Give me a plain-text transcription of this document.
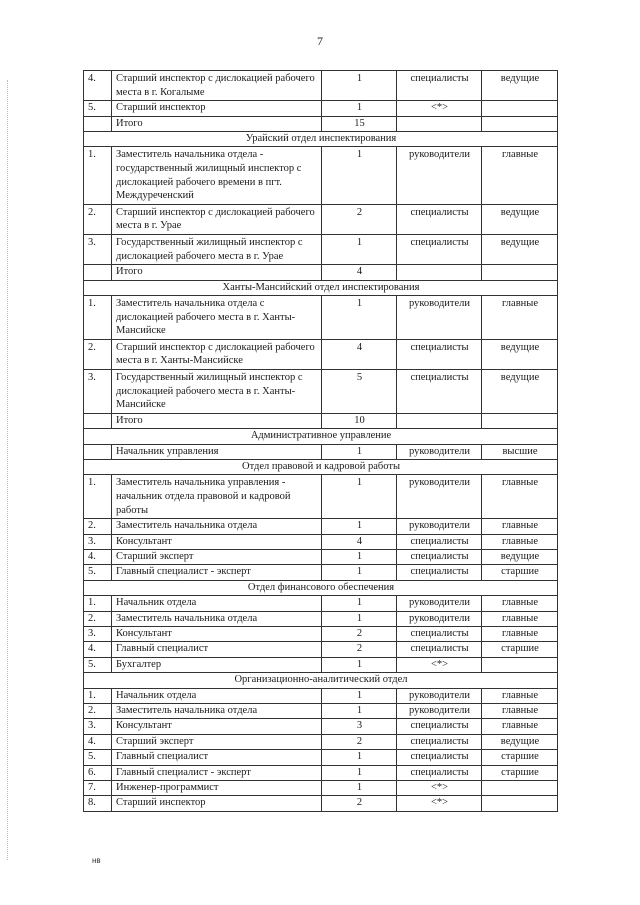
7
4.	Старший инспектор с дислокацией рабочего места в г. Когалыме	1	специалисты	ведущие
5.	Старший инспектор	1	<*>	
	Итого	15		
Урайский отдел инспектирования				
1.	Заместитель начальника отдела - государственный жилищный инспектор с дислокацией рабочего времени в пгт. Междуреченский	1	руководители	главные
2.	Старший инспектор с дислокацией рабочего места в г. Урае	2	специалисты	ведущие
3.	Государственный жилищный инспектор с дислокацией рабочего места в г. Урае	1	специалисты	ведущие
	Итого	4		
Ханты-Мансийский отдел инспектирования				
1.	Заместитель начальника отдела с дислокацией рабочего места в г. Ханты-Мансийске	1	руководители	главные
2.	Старший инспектор с дислокацией рабочего места в г. Ханты-Мансийске	4	специалисты	ведущие
3.	Государственный жилищный инспектор с дислокацией рабочего места в г. Ханты-Мансийске	5	специалисты	ведущие
	Итого	10		
Административное управление				
	Начальник управления	1	руководители	высшие
Отдел правовой и кадровой работы				
1.	Заместитель начальника управления - начальник отдела правовой и кадровой работы	1	руководители	главные
2.	Заместитель начальника отдела	1	руководители	главные
3.	Консультант	4	специалисты	главные
4.	Старший эксперт	1	специалисты	ведущие
5.	Главный специалист - эксперт	1	специалисты	старшие
Отдел финансового обеспечения				
1.	Начальник отдела	1	руководители	главные
2.	Заместитель начальника отдела	1	руководители	главные
3.	Консультант	2	специалисты	главные
4.	Главный специалист	2	специалисты	старшие
5.	Бухгалтер	1	<*>	
Организационно-аналитический отдел				
1.	Начальник отдела	1	руководители	главные
2.	Заместитель начальника отдела	1	руководители	главные
3.	Консультант	3	специалисты	главные
4.	Старший эксперт	2	специалисты	ведущие
5.	Главный специалист	1	специалисты	старшие
6.	Главный специалист - эксперт	1	специалисты	старшие
7.	Инженер-программист	1	<*>	
8.	Старший инспектор	2	<*>	
нв
